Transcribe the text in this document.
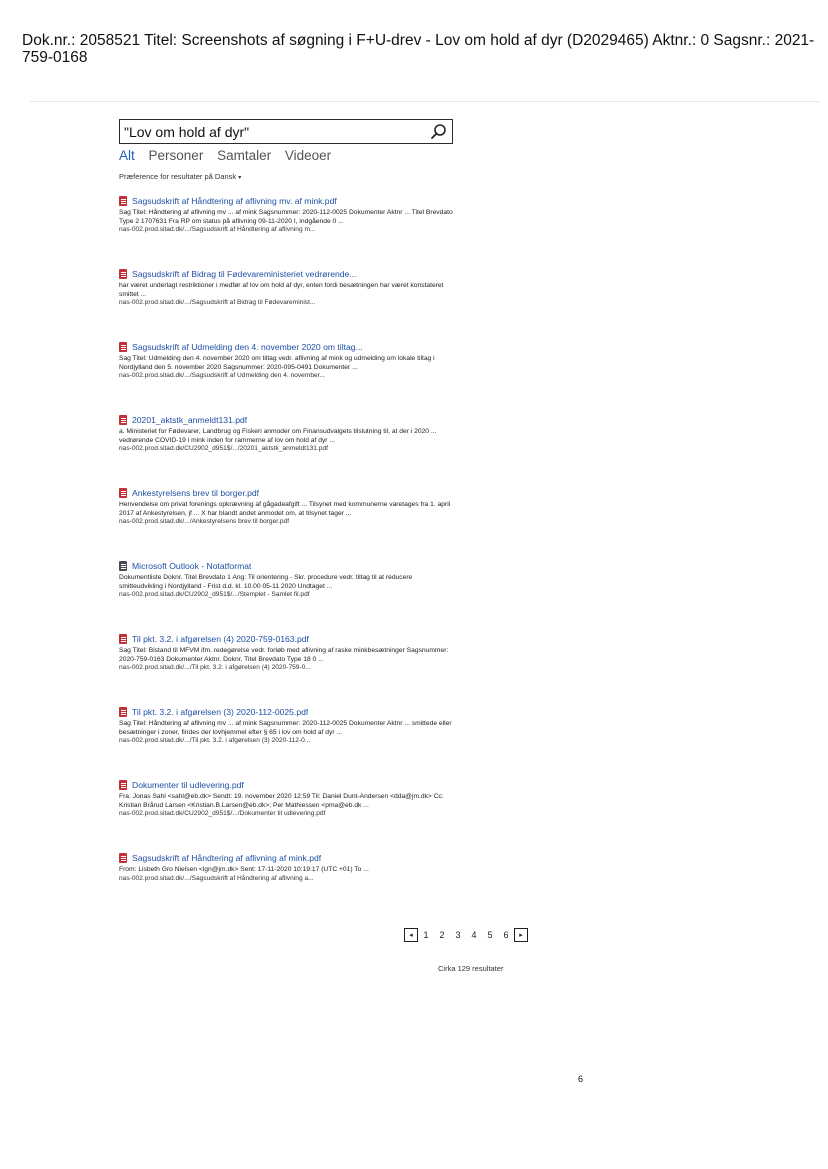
Dok.nr.: 2058521 Titel: Screenshots af søgning i F+U-drev - Lov om hold af dyr (D2029465) Aktnr.: 0 Sagsnr.: 2021-759-0168
"Lov om hold af dyr"
Alt Personer Samtaler Videoer
Præference for resultater på Dansk ▾
Sagsudskrift af Håndtering af aflivning mv. af mink.pdf
Sag Titel: Håndtering af aflivning mv ... af mink Sagsnummer: 2020-112-0025 Dokumenter Aktnr ... Titel Brevdato Type 2 1707631 Fra RP om status på aflivning 09-11-2020 I, indgående 0 ...
nas-002.prod.sitad.dk/.../Sagsudskrift af Håndtering af aflivning m...
Sagsudskrift af Bidrag til Fødevareministeriet vedrørende...
har været underlagt restriktioner i medfør af lov om hold af dyr, enten fordi besætningen har været konstateret smittet ...
nas-002.prod.sitad.dk/.../Sagsudskrift af Bidrag til Fødevareminist...
Sagsudskrift af Udmelding den 4. november 2020 om tiltag...
Sag Titel: Udmelding den 4. november 2020 om tiltag vedr. aflivning af mink og udmelding om lokale tiltag i Nordjylland den 5. november 2020 Sagsnummer: 2020-095-0491 Dokumenter ...
nas-002.prod.sitad.dk/.../Sagsudskrift af Udmelding den 4. november...
20201_aktstk_anmeldt131.pdf
a. Ministeriet for Fødevarer, Landbrug og Fiskeri anmoder om Finansudvalgets tilslutning til, at der i 2020 ... vedrørende COVID-19 i mink inden for rammerne af lov om hold af dyr ...
nas-002.prod.sitad.dk/CU2902_d951$/.../20201_aktstk_anmeldt131.pdf
Ankestyrelsens brev til borger.pdf
Henvendelse om privat forenings opkrævning af gågadeafgift ... Tilsynet med kommunerne varetages fra 1. april 2017 af Ankestyrelsen, jf ... X har blandt andet anmodet om, at tilsynet tager ...
nas-002.prod.sitad.dk/.../Ankestyrelsens brev til borger.pdf
Microsoft Outlook - Notatformat
Dokumentliste Doknr. Titel Brevdato 1 Ang: Til orientering - Skr. procedure vedr. tiltag til at reducere smitteudvikling i Nordjylland - Frist d.d. kl. 10.00 05-11 2020 Undtaget ...
nas-002.prod.sitad.dk/CU2902_d951$/.../Stemplet - Samlet fil.pdf
Til pkt. 3.2. i afgørelsen (4) 2020-759-0163.pdf
Sag Titel: Bistand til MFVM ifm. redegørelse vedr. forløb med aflivning af raske minkbesætninger Sagsnummer: 2020-759-0163 Dokumenter Aktnr. Doknr. Titel Brevdato Type 18 0 ...
nas-002.prod.sitad.dk/.../Til pkt. 3.2. i afgørelsen (4) 2020-759-0...
Til pkt. 3.2. i afgørelsen (3) 2020-112-0025.pdf
Sag Titel: Håndtering af aflivning mv ... af mink Sagsnummer: 2020-112-0025 Dokumenter Aktnr ... smittede eller besætninger i zoner, findes der lovhjemmel efter § 65 i lov om hold af dyr ...
nas-002.prod.sitad.dk/.../Til pkt. 3.2. i afgørelsen (3) 2020-112-0...
Dokumenter til udlevering.pdf
Fra: Jonas Sahl <sahl@eb.dk> Sendt: 19. november 2020 12:59 Til: Daniel Dunt-Andersen <dda@jm.dk> Cc: Kristian Brårud Larsen <Kristian.B.Larsen@eb.dk>; Per Mathiessen <pma@eb.dk ...
nas-002.prod.sitad.dk/CU2902_d951$/.../Dokumenter til udlevering.pdf
Sagsudskrift af Håndtering af aflivning af mink.pdf
From: Lisbeth Gro Nielsen <lgn@jm.dk> Sent: 17-11-2020 10:19:17 (UTC +01) To ...
nas-002.prod.sitad.dk/.../Sagsudskrift af Håndtering af aflivning a...
◂	1	2	3	4	5	6	▸
Cirka 129 resultater
6
